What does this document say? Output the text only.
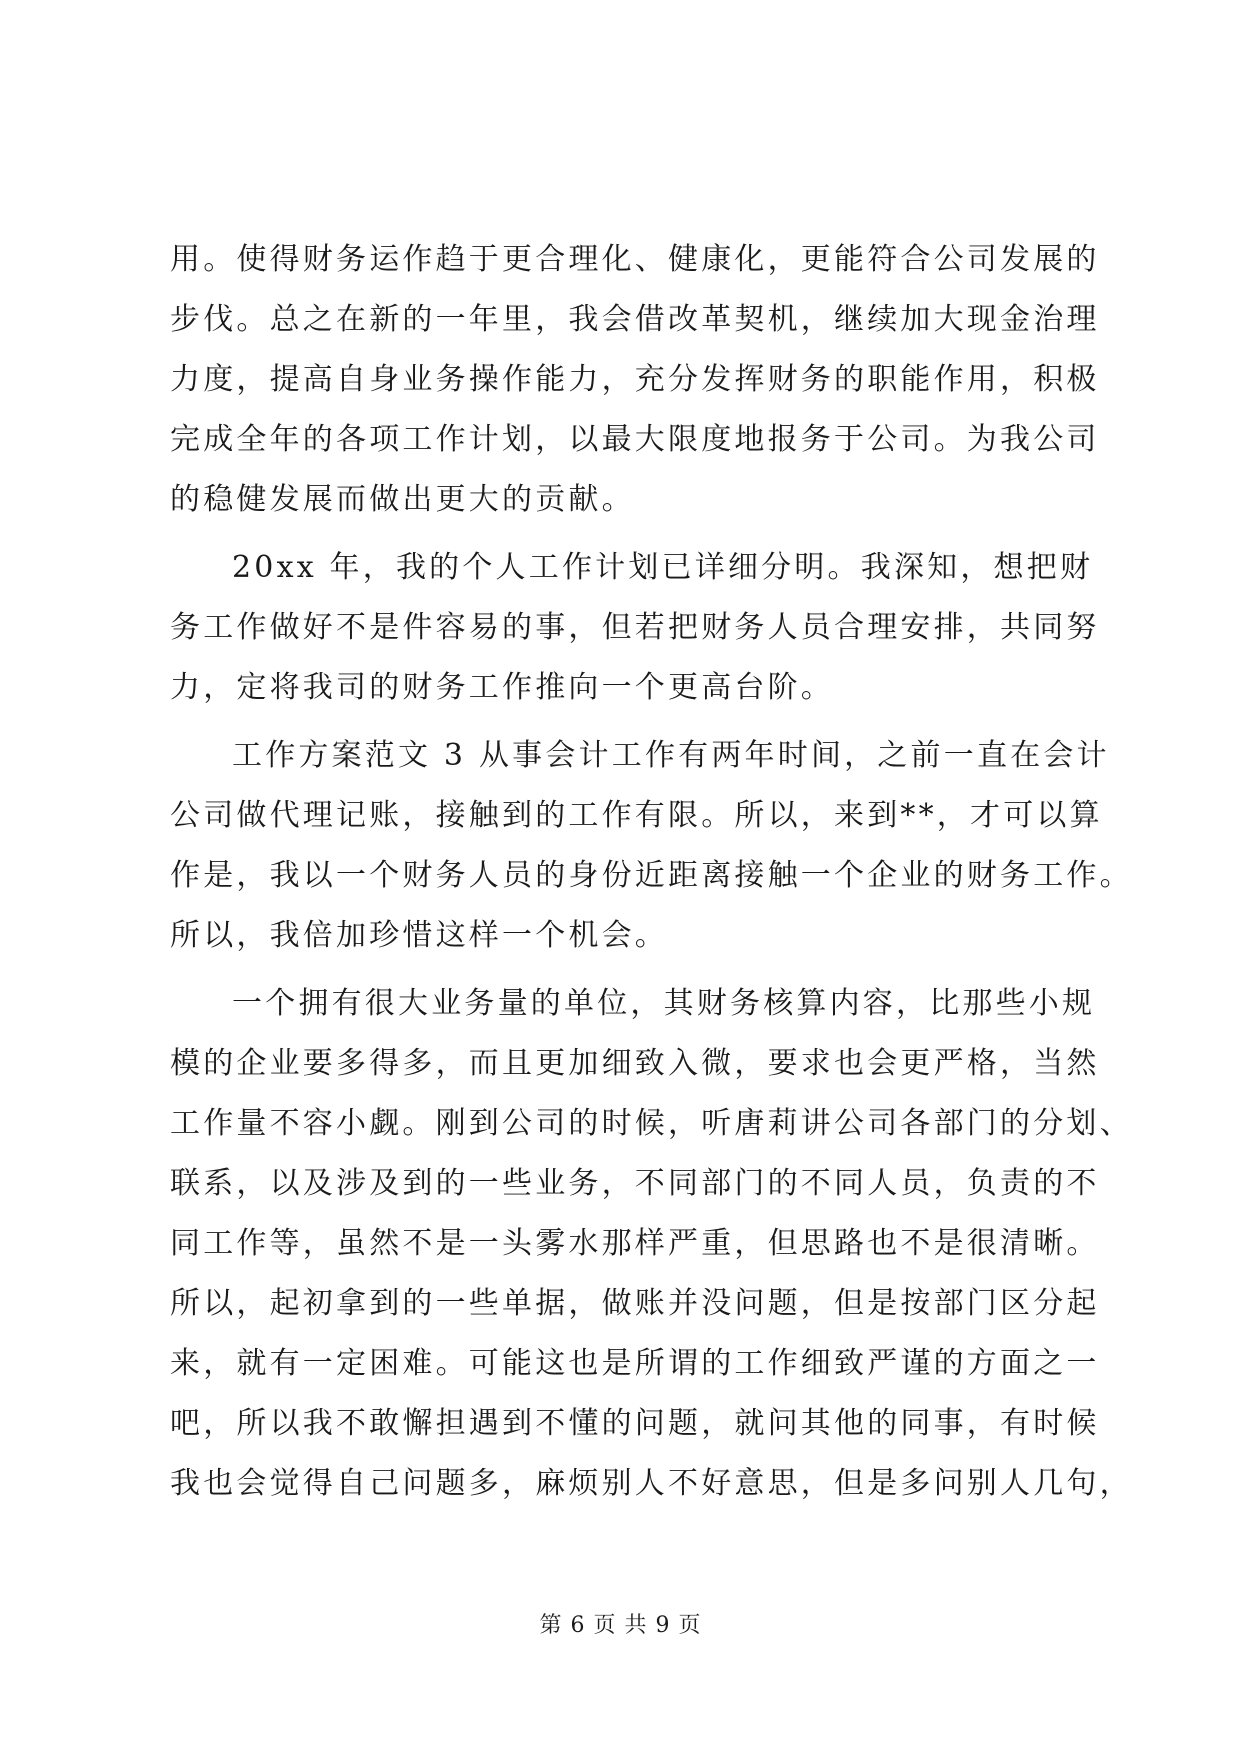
用。使得财务运作趋于更合理化、健康化，更能符合公司发展的
步伐。总之在新的一年里，我会借改革契机，继续加大现金治理
力度，提高自身业务操作能力，充分发挥财务的职能作用，积极
完成全年的各项工作计划，以最大限度地报务于公司。为我公司
的稳健发展而做出更大的贡献。
20xx 年，我的个人工作计划已详细分明。我深知，想把财
务工作做好不是件容易的事，但若把财务人员合理安排，共同努
力，定将我司的财务工作推向一个更高台阶。
工作方案范文 3 从事会计工作有两年时间，之前一直在会计
公司做代理记账，接触到的工作有限。所以，来到**，才可以算
作是，我以一个财务人员的身份近距离接触一个企业的财务工作。
所以，我倍加珍惜这样一个机会。
一个拥有很大业务量的单位，其财务核算内容，比那些小规
模的企业要多得多，而且更加细致入微，要求也会更严格，当然
工作量不容小觑。刚到公司的时候，听唐莉讲公司各部门的分划、
联系，以及涉及到的一些业务，不同部门的不同人员，负责的不
同工作等，虽然不是一头雾水那样严重，但思路也不是很清晰。
所以，起初拿到的一些单据，做账并没问题，但是按部门区分起
来，就有一定困难。可能这也是所谓的工作细致严谨的方面之一
吧，所以我不敢懈担遇到不懂的问题，就问其他的同事，有时候
我也会觉得自己问题多，麻烦别人不好意思，但是多问别人几句，
第 6 页 共 9 页
